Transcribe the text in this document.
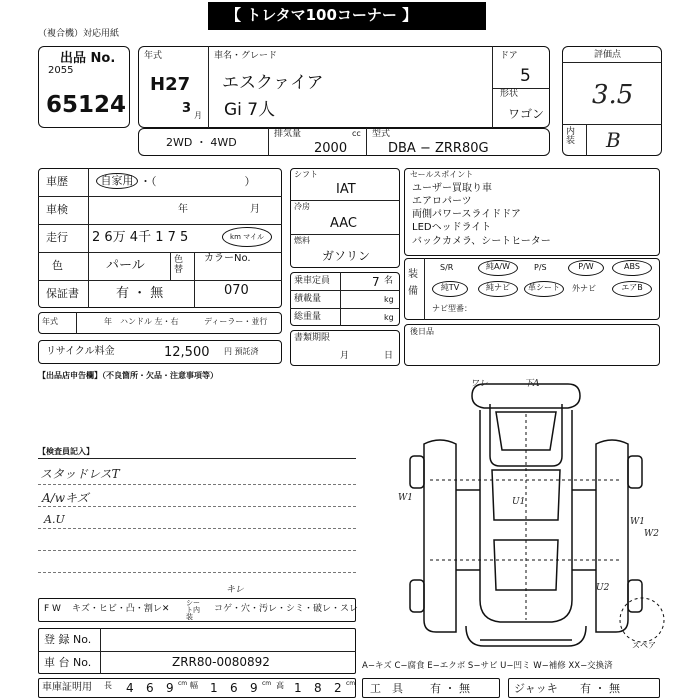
【 トレタマ100コーナー 】
（複合機）対応用紙
出品 No.
2055
65124
年式
H27
3 月
車名・グレード
エスクァイア
Gi 7人
ドア
5
形状
ワゴン
評価点
3.5
内装 B
2WD ・ 4WD
排気量	cc
2000
型式
DBA − ZRR80G
車歴	自家用 ・（　　　　　　　　）
車検	年	月
走行 2 6万 4千 1 7 5	km マイル
色	パール	色替
カラーNo.
070
保証書	有 ・ 無
年式	年 ハンドル 左・右	ディーラー・並行
リサイクル料金	12,500 円 預託済
シフト
IAT
冷房
AAC
燃料
ガソリン
乗車定員	7 名
積載量	kg
総重量	kg
書類期限
月	日
セールスポイント
ユーザー買取り車
エアロパーツ
両側パワースライドドア
LEDヘッドライト
バックカメラ、シートヒーター
装備
S/R	純A/W	P/S	P/W	ABS
純TV	純ナビ	革シート	外ナビ	エアB
ナビ型番：
後日品
【出品店申告欄】（不良箇所・欠品・注意事項等）
【検査員記入】
スタッドレスT
A/wキズ
A.U
F W キズ・ヒビ・凸・割レ✕
シート内装
コゲ・穴・汚レ・シミ・破レ・スレ
キレ
登 録 No.
車 台 No.	ZRR80-0080892
車庫証明用 長 4 6 9 cm 幅 1 6 9 cm 高 1 8 2 cm 工　具 有 ・ 無	ジャッキ 有 ・ 無
ワレ	下A
W1	U1
W1
W2
U2
スペア
A−キズ C−腐食 E−エクボ S−サビ U−凹ミ W−補修 XX−交換済
